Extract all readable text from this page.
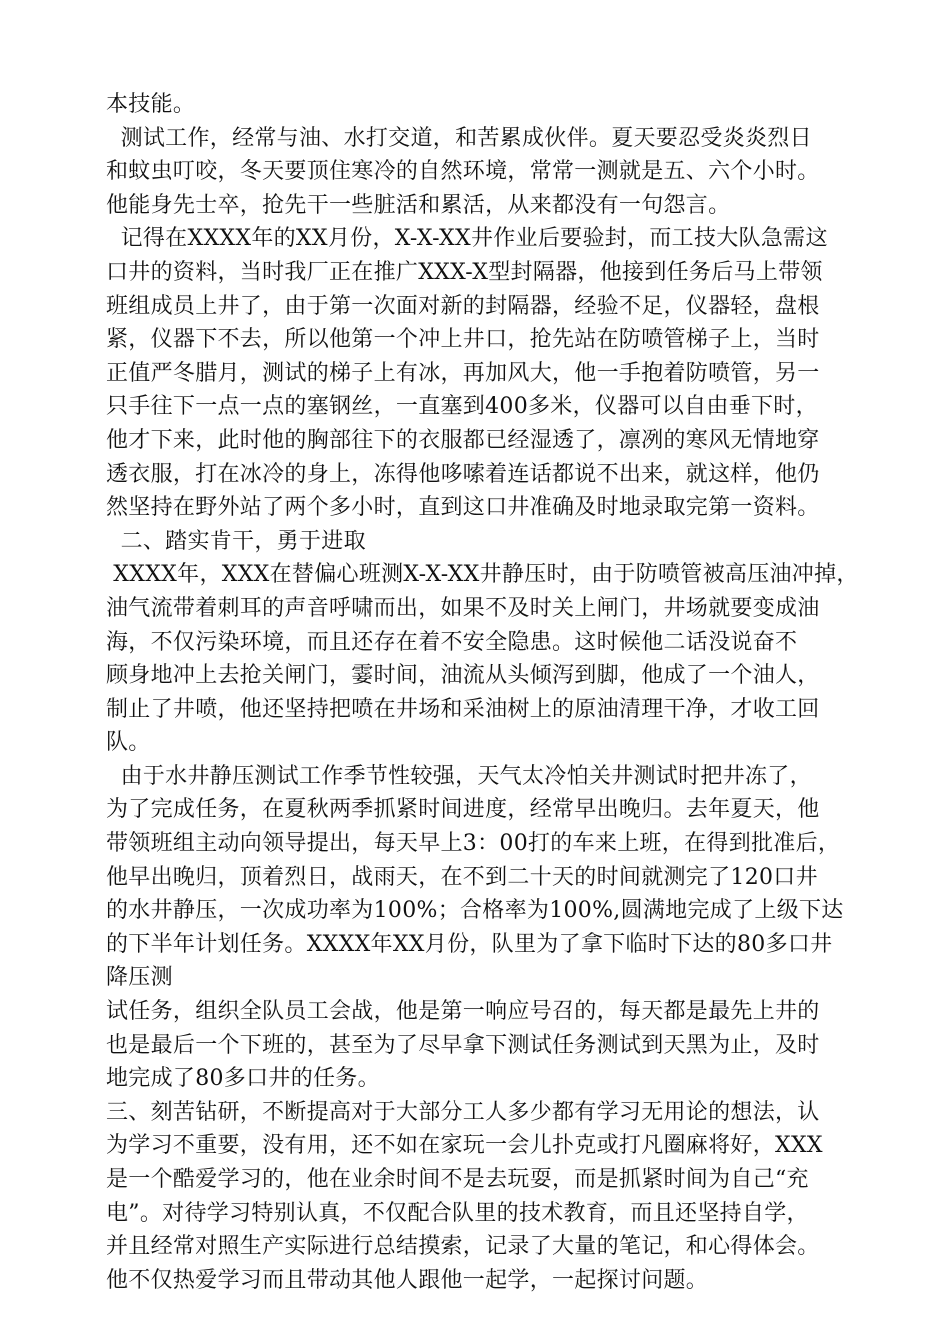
本技能。
测试工作，经常与油、水打交道，和苦累成伙伴。夏天要忍受炎炎烈日
和蚊虫叮咬，冬天要顶住寒冷的自然环境，常常一测就是五、六个小时。
他能身先士卒，抢先干一些脏活和累活，从来都没有一句怨言。
记得在XXXX年的XX月份，X-X-XX井作业后要验封，而工技大队急需这
口井的资料，当时我厂正在推广XXX-X型封隔器，他接到任务后马上带领
班组成员上井了，由于第一次面对新的封隔器，经验不足，仪器轻，盘根
紧，仪器下不去，所以他第一个冲上井口，抢先站在防喷管梯子上，当时
正值严冬腊月，测试的梯子上有冰，再加风大，他一手抱着防喷管，另一
只手往下一点一点的塞钢丝，一直塞到400多米，仪器可以自由垂下时，
他才下来，此时他的胸部往下的衣服都已经湿透了，凛冽的寒风无情地穿
透衣服，打在冰冷的身上，冻得他哆嗦着连话都说不出来，就这样，他仍
然坚持在野外站了两个多小时，直到这口井准确及时地录取完第一资料。
二、踏实肯干，勇于进取
XXXX年，XXX在替偏心班测X-X-XX井静压时，由于防喷管被高压油冲掉，
油气流带着刺耳的声音呼啸而出，如果不及时关上闸门，井场就要变成油
海，不仅污染环境，而且还存在着不安全隐患。这时候他二话没说奋不
顾身地冲上去抢关闸门，霎时间，油流从头倾泻到脚，他成了一个油人，
制止了井喷，他还坚持把喷在井场和采油树上的原油清理干净，才收工回
队。
由于水井静压测试工作季节性较强，天气太冷怕关井测试时把井冻了，
为了完成任务，在夏秋两季抓紧时间进度，经常早出晚归。去年夏天，他
带领班组主动向领导提出，每天早上3：00打的车来上班，在得到批准后，
他早出晚归，顶着烈日，战雨天，在不到二十天的时间就测完了120口井
的水井静压，一次成功率为100%；合格率为100%,圆满地完成了上级下达
的下半年计划任务。XXXX年XX月份，队里为了拿下临时下达的80多口井
降压测
试任务，组织全队员工会战，他是第一响应号召的，每天都是最先上井的
也是最后一个下班的，甚至为了尽早拿下测试任务测试到天黑为止，及时
地完成了80多口井的任务。
三、刻苦钻研，不断提高对于大部分工人多少都有学习无用论的想法，认
为学习不重要，没有用，还不如在家玩一会儿扑克或打凡圈麻将好，XXX
是一个酷爱学习的，他在业余时间不是去玩耍，而是抓紧时间为自己“充
电”。对待学习特别认真，不仅配合队里的技术教育，而且还坚持自学，
并且经常对照生产实际进行总结摸索，记录了大量的笔记，和心得体会。
他不仅热爱学习而且带动其他人跟他一起学，一起探讨问题。
